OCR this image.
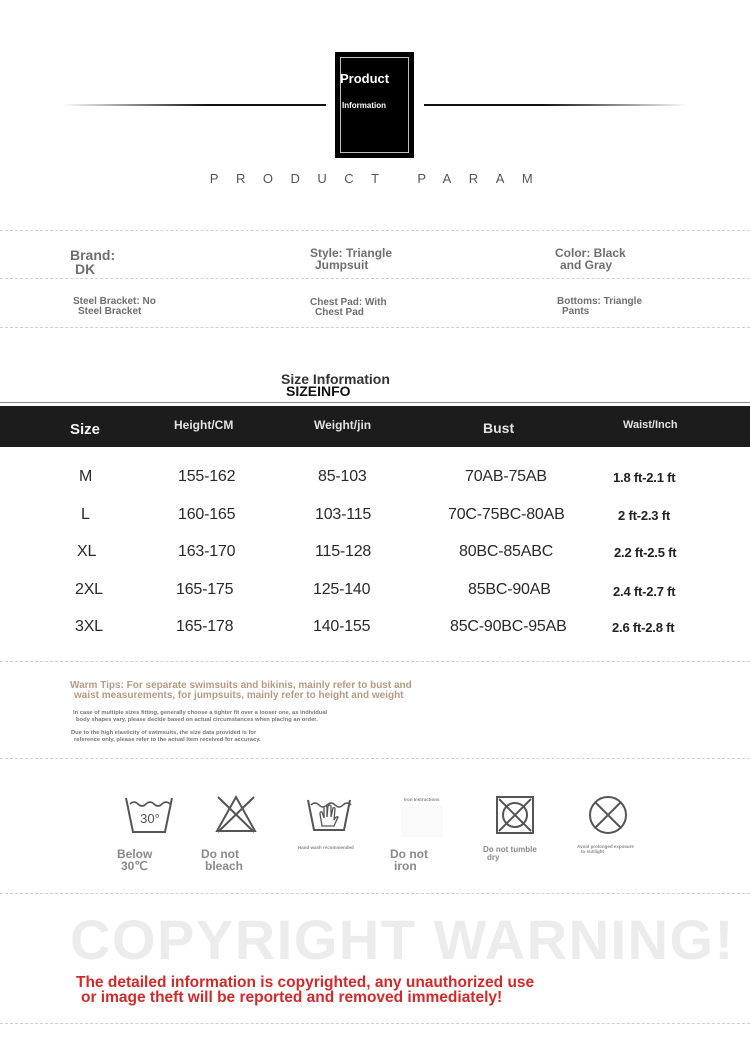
Product
Information
PRODUCT PARAM
Brand:
DK
Style: Triangle
Jumpsuit
Color: Black
and Gray
Steel Bracket: No
Steel Bracket
Chest Pad: With
Chest Pad
Bottoms: Triangle
Pants
Size Information
SIZEINFO
Size	Height/CM	Weight/jin	Bust	Waist/Inch
M	155-162	85-103	70AB-75AB	1.8 ft-2.1 ft
L	160-165	103-115	70C-75BC-80AB	2 ft-2.3 ft
XL	163-170	115-128	80BC-85ABC	2.2 ft-2.5 ft
2XL	165-175	125-140	85BC-90AB	2.4 ft-2.7 ft
3XL	165-178	140-155	85C-90BC-95AB	2.6 ft-2.8 ft
Warm Tips: For separate swimsuits and bikinis, mainly refer to bust and
waist measurements, for jumpsuits, mainly refer to height and weight
In case of multiple sizes fitting, generally choose a tighter fit over a looser one, as individual
body shapes vary, please decide based on actual circumstances when placing an order.
Due to the high elasticity of swimsuits, the size data provided is for
reference only, please refer to the actual item received for accuracy.
30°
Below
30℃
Do not
bleach
Hand wash recommended
Iron Instructions
Do not
iron
Do not tumble
dry
Avoid prolonged exposure
to sunlight
COPYRIGHT WARNING!
The detailed information is copyrighted, any unauthorized use
or image theft will be reported and removed immediately!
